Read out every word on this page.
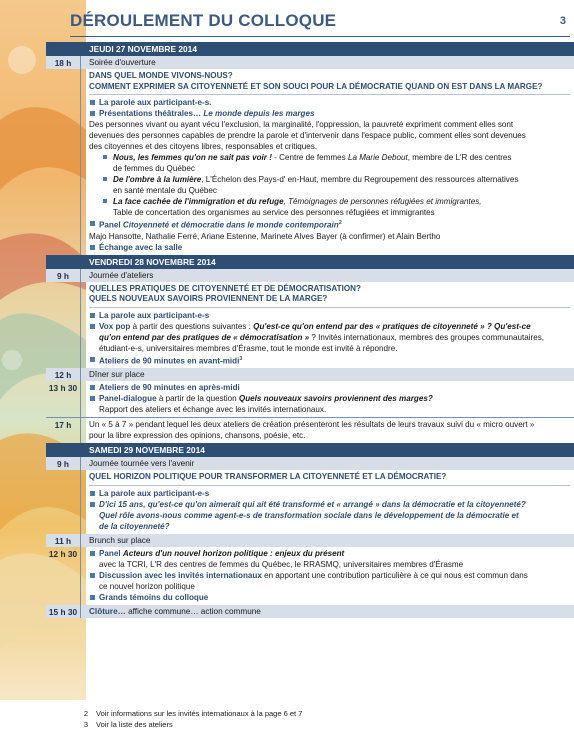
DÉROULEMENT DU COLLOQUE	3
JEUDI 27 NOVEMBRE 2014
18 h	Soirée d'ouverture
DANS QUEL MONDE VIVONS-NOUS?
COMMENT EXPRIMER SA CITOYENNETÉ ET SON SOUCI POUR LA DÉMOCRATIE QUAND ON EST DANS LA MARGE?
La parole aux participant-e-s.
Présentations théâtrales… Le monde depuis les marges
Des personnes vivant ou ayant vécu l'exclusion, la marginalité, l'oppression, la pauvreté expriment comment elles sont
devenues des personnes capables de prendre la parole et d'intervenir dans l'espace public, comment elles sont devenues
des citoyennes et des citoyens libres, responsables et critiques.
Nous, les femmes qu'on ne sait pas voir ! - Centre de femmes La Marie Debout, membre de L'R des centres
de femmes du Québec
De l'ombre à la lumière, L'Échelon des Pays-d' en-Haut, membre du Regroupement des ressources alternatives
en santé mentale du Québec
La face cachée de l'immigration et du refuge, Témoignages de personnes réfugiées et immigrantes,
Table de concertation des organismes au service des personnes réfugiées et immigrantes
Panel Citoyenneté et démocratie dans le monde contemporain$^2$
Majo Hansotte, Nathalie Ferré, Ariane Estenne, Marinete Alves Bayer (à confirmer) et Alain Bertho
Échange avec la salle
VENDREDI 28 NOVEMBRE 2014
9 h	Journée d'ateliers
QUELLES PRATIQUES DE CITOYENNETÉ ET DE DÉMOCRATISATION?
QUELS NOUVEAUX SAVOIRS PROVIENNENT DE LA MARGE?
La parole aux participant-e-s
Vox pop à partir des questions suivantes : Qu'est-ce qu'on entend par des « pratiques de citoyenneté » ? Qu'est-ce
qu'on entend par des pratiques de « démocratisation » ? Invités internationaux, membres des groupes communautaires,
étudiant-e-s, universitaires membres d'Érasme, tout le monde est invité à répondre.
Ateliers de 90 minutes en avant-midi$^3$
12 h	Dîner sur place
13 h 30	Ateliers de 90 minutes en après-midi
Panel-dialogue à partir de la question Quels nouveaux savoirs proviennent des marges?
Rapport des ateliers et échange avec les invités internationaux.
17 h	Un « 5 à 7 » pendant lequel les deux ateliers de création présenteront les résultats de leurs travaux suivi du « micro ouvert »
pour la libre expression des opinions, chansons, poésie, etc.
SAMEDI 29 NOVEMBRE 2014
9 h	Journée tournée vers l'avenir
QUEL HORIZON POLITIQUE POUR TRANSFORMER LA CITOYENNETÉ ET LA DÉMOCRATIE?
La parole aux participant-e-s
D'ici 15 ans, qu'est-ce qu'on aimerait qui ait été transformé et « arrangé » dans la démocratie et la citoyenneté?
Quel rôle avons-nous comme agent-e-s de transformation sociale dans le développement de la démocratie et
de la citoyenneté?
11 h	Brunch sur place
12 h 30	Panel Acteurs d'un nouvel horizon politique : enjeux du présent
avec la TCRI, L'R des centres de femmes du Québec, le RRASMQ, universitaires membres d'Érasme
Discussion avec les invités internationaux en apportant une contribution particulière à ce qui nous est commun dans
ce nouvel horizon politique
Grands témoins du colloque
15 h 30	Clôture… affiche commune… action commune
2 Voir informations sur les invités internationaux à la page 6 et 7
3 Voir la liste des ateliers
